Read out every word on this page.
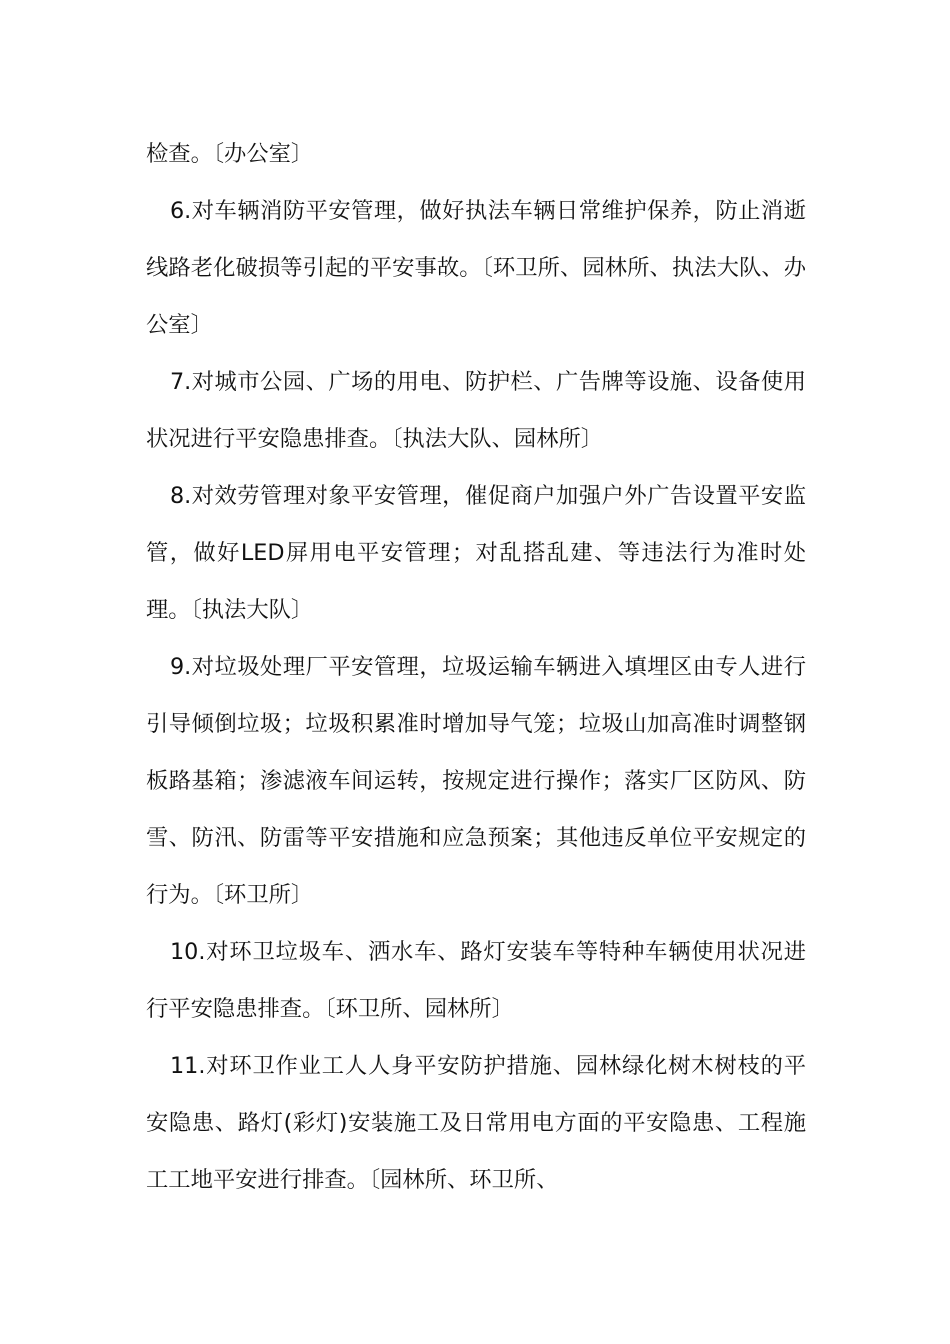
检查。〔办公室〕

6.对车辆消防平安管理，做好执法车辆日常维护保养，防止消逝线路老化破损等引起的平安事故。〔环卫所、园林所、执法大队、办公室〕

7.对城市公园、广场的用电、防护栏、广告牌等设施、设备使用状况进行平安隐患排查。〔执法大队、园林所〕

8.对效劳管理对象平安管理，催促商户加强户外广告设置平安监管，做好LED屏用电平安管理；对乱搭乱建、等违法行为准时处理。〔执法大队〕

9.对垃圾处理厂平安管理，垃圾运输车辆进入填埋区由专人进行引导倾倒垃圾；垃圾积累准时增加导气笼；垃圾山加高准时调整钢板路基箱；渗滤液车间运转，按规定进行操作；落实厂区防风、防雪、防汛、防雷等平安措施和应急预案；其他违反单位平安规定的行为。〔环卫所〕

10.对环卫垃圾车、洒水车、路灯安装车等特种车辆使用状况进行平安隐患排查。〔环卫所、园林所〕

11.对环卫作业工人人身平安防护措施、园林绿化树木树枝的平安隐患、路灯(彩灯)安装施工及日常用电方面的平安隐患、工程施工工地平安进行排查。〔园林所、环卫所、
